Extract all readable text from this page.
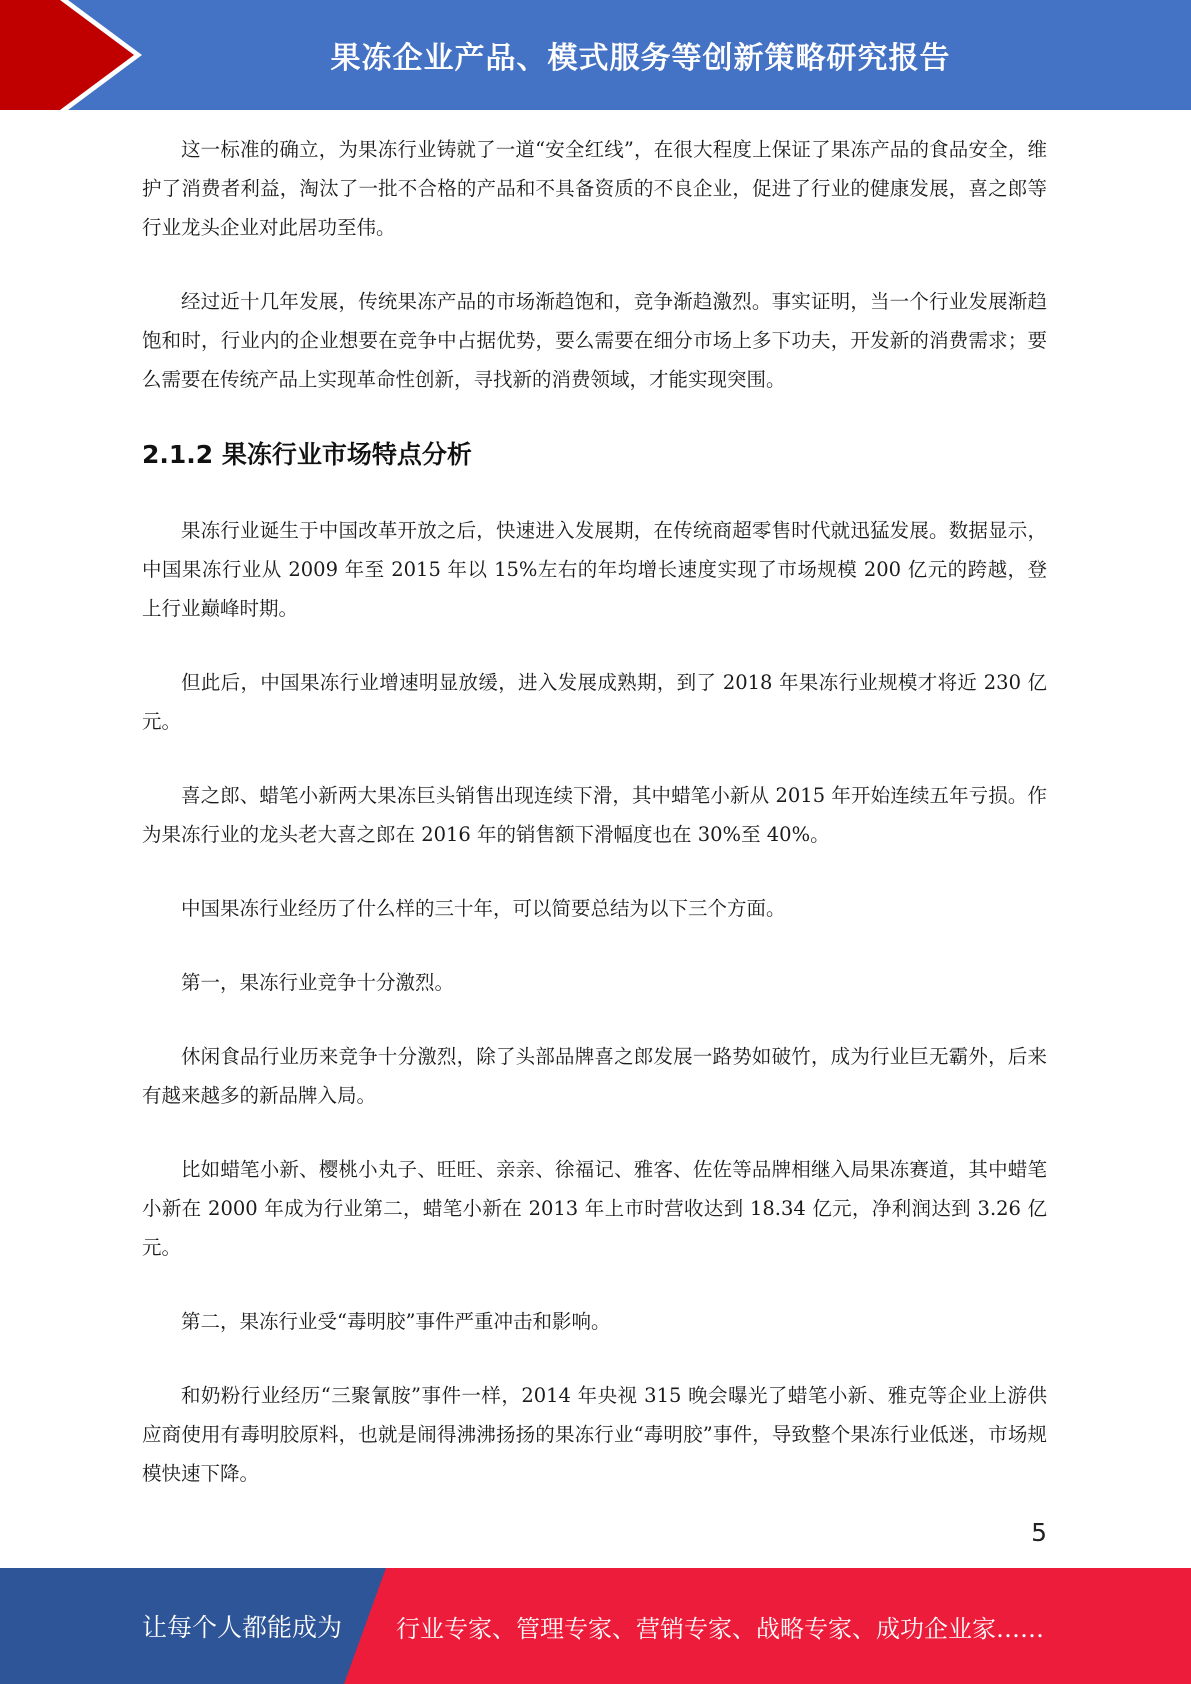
果冻企业产品、模式服务等创新策略研究报告

这一标准的确立，为果冻行业铸就了一道“安全红线”，在很大程度上保证了果冻产品的食品安全，维护了消费者利益，淘汰了一批不合格的产品和不具备资质的不良企业，促进了行业的健康发展，喜之郎等行业龙头企业对此居功至伟。

经过近十几年发展，传统果冻产品的市场渐趋饱和，竞争渐趋激烈。事实证明，当一个行业发展渐趋饱和时，行业内的企业想要在竞争中占据优势，要么需要在细分市场上多下功夫，开发新的消费需求；要么需要在传统产品上实现革命性创新，寻找新的消费领域，才能实现突围。

2.1.2 果冻行业市场特点分析

果冻行业诞生于中国改革开放之后，快速进入发展期，在传统商超零售时代就迅猛发展。数据显示，中国果冻行业从 2009 年至 2015 年以 15%左右的年均增长速度实现了市场规模 200 亿元的跨越，登上行业巅峰时期。

但此后，中国果冻行业增速明显放缓，进入发展成熟期，到了 2018 年果冻行业规模才将近 230 亿元。

喜之郎、蜡笔小新两大果冻巨头销售出现连续下滑，其中蜡笔小新从 2015 年开始连续五年亏损。作为果冻行业的龙头老大喜之郎在 2016 年的销售额下滑幅度也在 30%至 40%。

中国果冻行业经历了什么样的三十年，可以简要总结为以下三个方面。

第一，果冻行业竞争十分激烈。

休闲食品行业历来竞争十分激烈，除了头部品牌喜之郎发展一路势如破竹，成为行业巨无霸外，后来有越来越多的新品牌入局。

比如蜡笔小新、樱桃小丸子、旺旺、亲亲、徐福记、雅客、佐佐等品牌相继入局果冻赛道，其中蜡笔小新在 2000 年成为行业第二，蜡笔小新在 2013 年上市时营收达到 18.34 亿元，净利润达到 3.26 亿元。

第二，果冻行业受“毒明胶”事件严重冲击和影响。

和奶粉行业经历“三聚氰胺”事件一样，2014 年央视 315 晚会曝光了蜡笔小新、雅克等企业上游供应商使用有毒明胶原料，也就是闹得沸沸扬扬的果冻行业“毒明胶”事件，导致整个果冻行业低迷，市场规模快速下降。

5
让每个人都能成为 行业专家、管理专家、营销专家、战略专家、成功企业家……
